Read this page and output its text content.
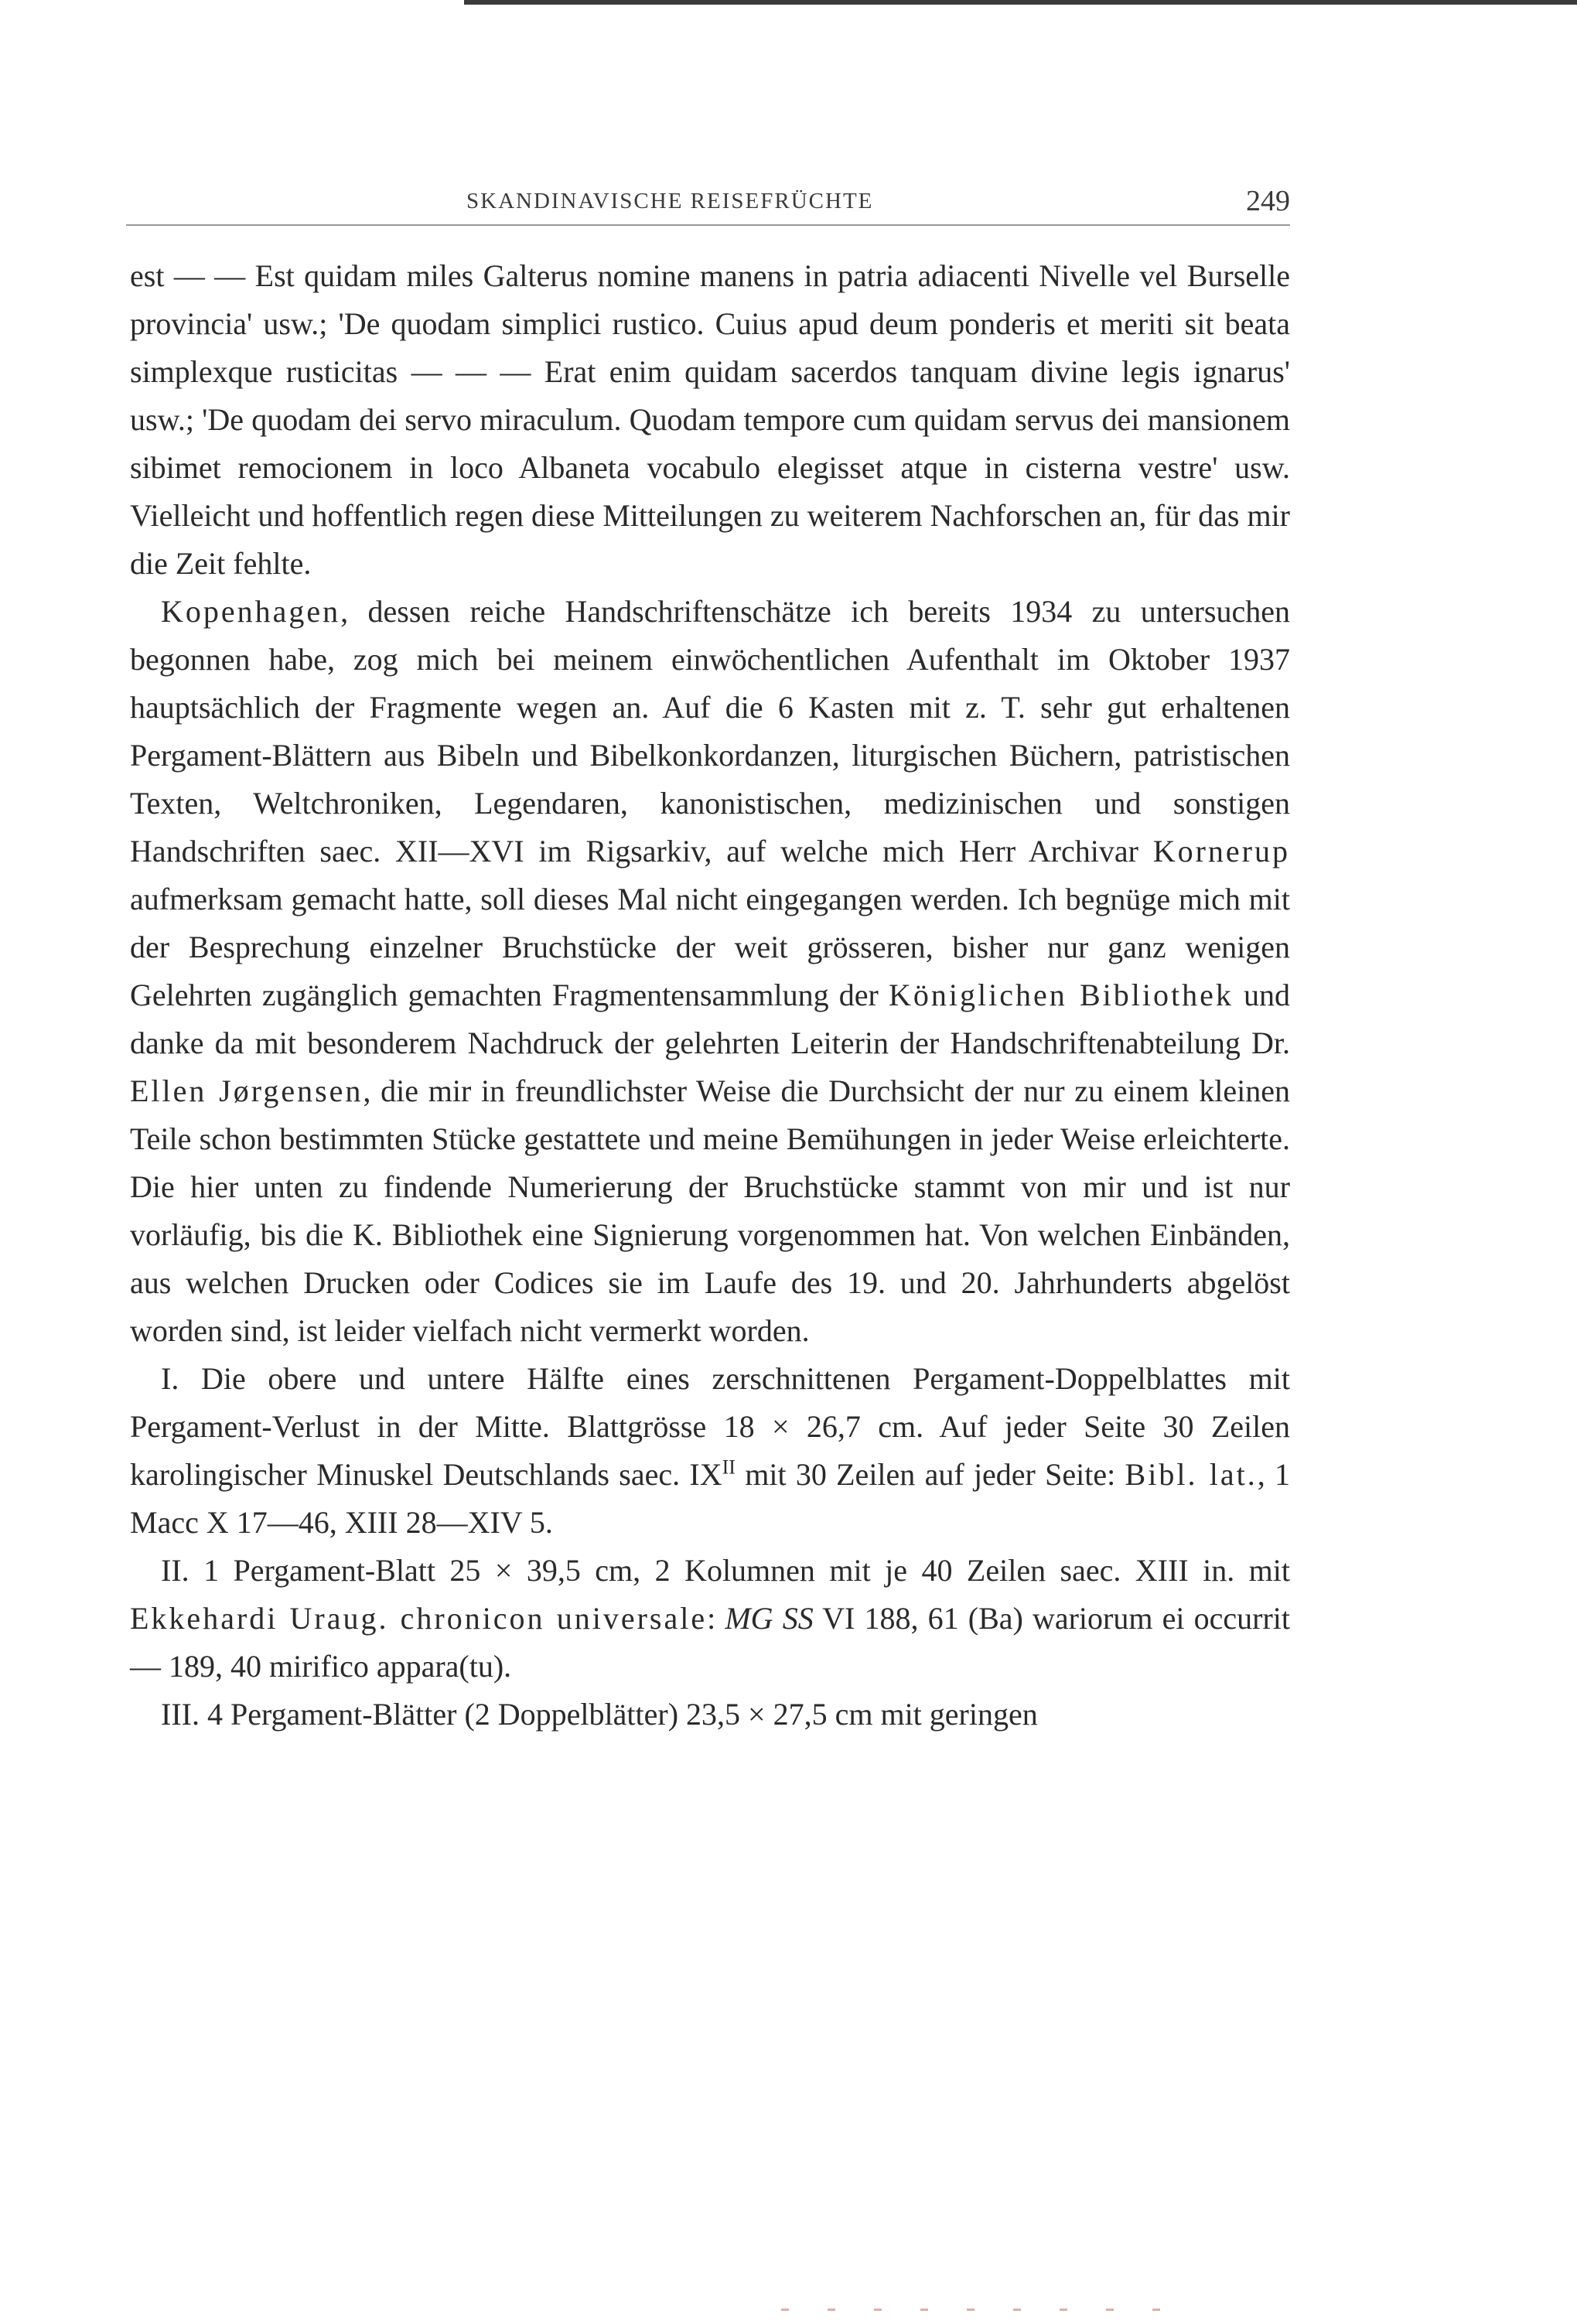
SKANDINAVISCHE REISEFRÜCHTE	249

est — — Est quidam miles Galterus nomine manens in patria adiacenti Nivelle vel Burselle provincia' usw.; 'De quodam simplici rustico. Cuius apud deum ponderis et meriti sit beata simplexque rusticitas — — — Erat enim quidam sacerdos tanquam divine legis ignarus' usw.; 'De quodam dei servo miraculum. Quodam tempore cum quidam servus dei mansionem sibimet remocionem in loco Albaneta vocabulo elegisset atque in cisterna vestre' usw. Vielleicht und hoffentlich regen diese Mitteilungen zu weiterem Nachforschen an, für das mir die Zeit fehlte.

Kopenhagen, dessen reiche Handschriftenschätze ich bereits 1934 zu untersuchen begonnen habe, zog mich bei meinem einwöchentlichen Aufenthalt im Oktober 1937 hauptsächlich der Fragmente wegen an. Auf die 6 Kasten mit z. T. sehr gut erhaltenen Pergament-Blättern aus Bibeln und Bibelkonkordanzen, liturgischen Büchern, patristischen Texten, Weltchroniken, Legendaren, kanonistischen, medizinischen und sonstigen Handschriften saec. XII—XVI im Rigsarkiv, auf welche mich Herr Archivar Kornerup aufmerksam gemacht hatte, soll dieses Mal nicht eingegangen werden. Ich begnüge mich mit der Besprechung einzelner Bruchstücke der weit grösseren, bisher nur ganz wenigen Gelehrten zugänglich gemachten Fragmentensammlung der Königlichen Bibliothek und danke da mit besonderem Nachdruck der gelehrten Leiterin der Handschriftenabteilung Dr. Ellen Jørgensen, die mir in freundlichster Weise die Durchsicht der nur zu einem kleinen Teile schon bestimmten Stücke gestattete und meine Bemühungen in jeder Weise erleichterte. Die hier unten zu findende Numerierung der Bruchstücke stammt von mir und ist nur vorläufig, bis die K. Bibliothek eine Signierung vorgenommen hat. Von welchen Einbänden, aus welchen Drucken oder Codices sie im Laufe des 19. und 20. Jahrhunderts abgelöst worden sind, ist leider vielfach nicht vermerkt worden.

I. Die obere und untere Hälfte eines zerschnittenen Pergament-Doppelblattes mit Pergament-Verlust in der Mitte. Blattgrösse 18 × 26,7 cm. Auf jeder Seite 30 Zeilen karolingischer Minuskel Deutschlands saec. $IX^{II}$ mit 30 Zeilen auf jeder Seite: Bibl. lat., 1 Macc X 17—46, XIII 28—XIV 5.

II. 1 Pergament-Blatt 25 × 39,5 cm, 2 Kolumnen mit je 40 Zeilen saec. XIII in. mit Ekkehardi Uraug. chronicon universale: MG SS VI 188, 61 (Ba) wariorum ei occurrit — 189, 40 mirifico appara(tu).

III. 4 Pergament-Blätter (2 Doppelblätter) 23,5 × 27,5 cm mit geringen
